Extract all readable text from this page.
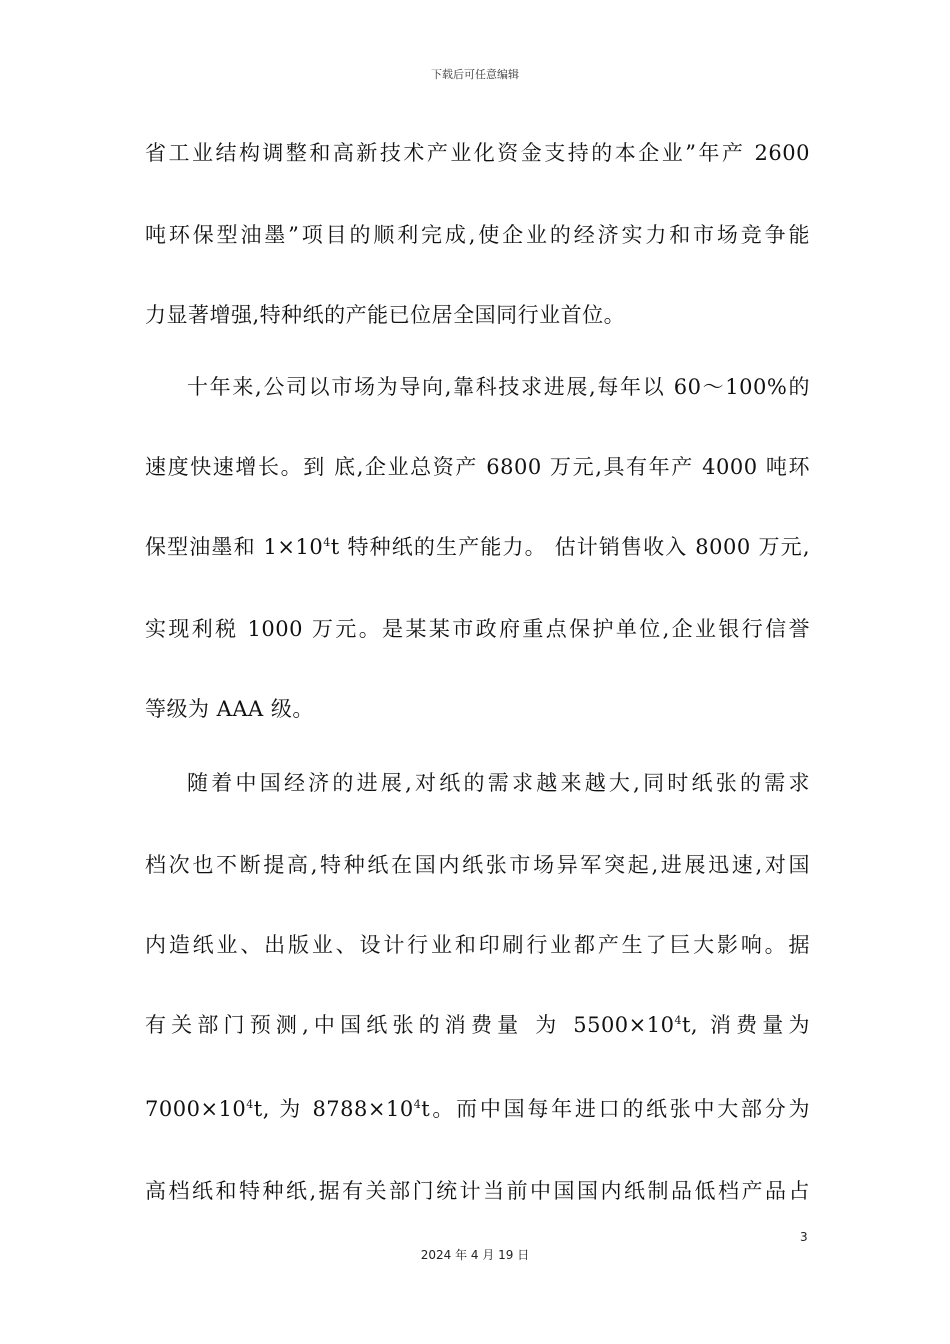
下载后可任意编辑
省工业结构调整和高新技术产业化资金支持的本企业”年产 2600
吨环保型油墨”项目的顺利完成,使企业的经济实力和市场竞争能
力显著增强,特种纸的产能已位居全国同行业首位。
十年来,公司以市场为导向,靠科技求进展,每年以 60～100%的
速度快速增长。到 底,企业总资产 6800 万元,具有年产 4000 吨环
保型油墨和 $1\times 10^4t$ 特种纸的生产能力。 估计销售收入 8000 万元,
实现利税 1000 万元。是某某市政府重点保护单位,企业银行信誉
等级为 AAA 级。
随着中国经济的进展,对纸的需求越来越大,同时纸张的需求
档次也不断提高,特种纸在国内纸张市场异军突起,进展迅速,对国
内造纸业、出版业、设计行业和印刷行业都产生了巨大影响。据
有关部门预测,中国纸张的消费量 为 $5500\times 10^4t$, 消费量为
$7000\times 10^4t$, 为 $8788\times 10^4t$。而中国每年进口的纸张中大部分为
高档纸和特种纸,据有关部门统计当前中国国内纸制品低档产品占
3
2024 年 4 月 19 日
